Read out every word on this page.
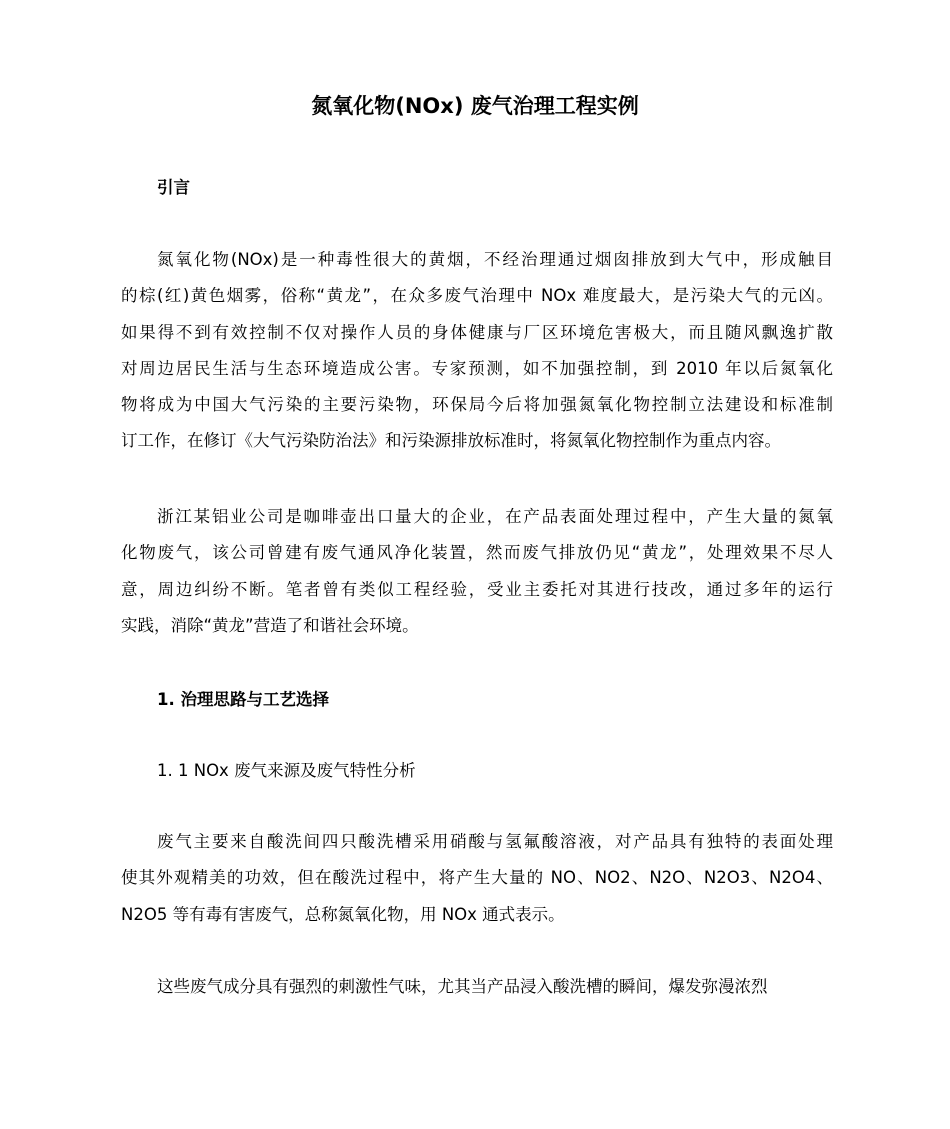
氮氧化物(NOx) 废气治理工程实例
引言
氮氧化物(NOx)是一种毒性很大的黄烟，不经治理通过烟囱排放到大气中，形成触目
的棕(红)黄色烟雾，俗称“黄龙”，在众多废气治理中 NOx 难度最大，是污染大气的元凶。
如果得不到有效控制不仅对操作人员的身体健康与厂区环境危害极大，而且随风飘逸扩散
对周边居民生活与生态环境造成公害。专家预测，如不加强控制，到 2010 年以后氮氧化
物将成为中国大气污染的主要污染物，环保局今后将加强氮氧化物控制立法建设和标准制
订工作，在修订《大气污染防治法》和污染源排放标准时，将氮氧化物控制作为重点内容。
浙江某铝业公司是咖啡壶出口量大的企业，在产品表面处理过程中，产生大量的氮氧
化物废气，该公司曾建有废气通风净化装置，然而废气排放仍见“黄龙”，处理效果不尽人
意，周边纠纷不断。笔者曾有类似工程经验，受业主委托对其进行技改，通过多年的运行
实践，消除“黄龙”营造了和谐社会环境。
1. 治理思路与工艺选择
1. 1 NOx 废气来源及废气特性分析
废气主要来自酸洗间四只酸洗槽采用硝酸与氢氟酸溶液，对产品具有独特的表面处理
使其外观精美的功效，但在酸洗过程中，将产生大量的 NO、NO2、N2O、N2O3、N2O4、
N2O5 等有毒有害废气，总称氮氧化物，用 NOx 通式表示。
这些废气成分具有强烈的刺激性气味，尤其当产品浸入酸洗槽的瞬间，爆发弥漫浓烈
